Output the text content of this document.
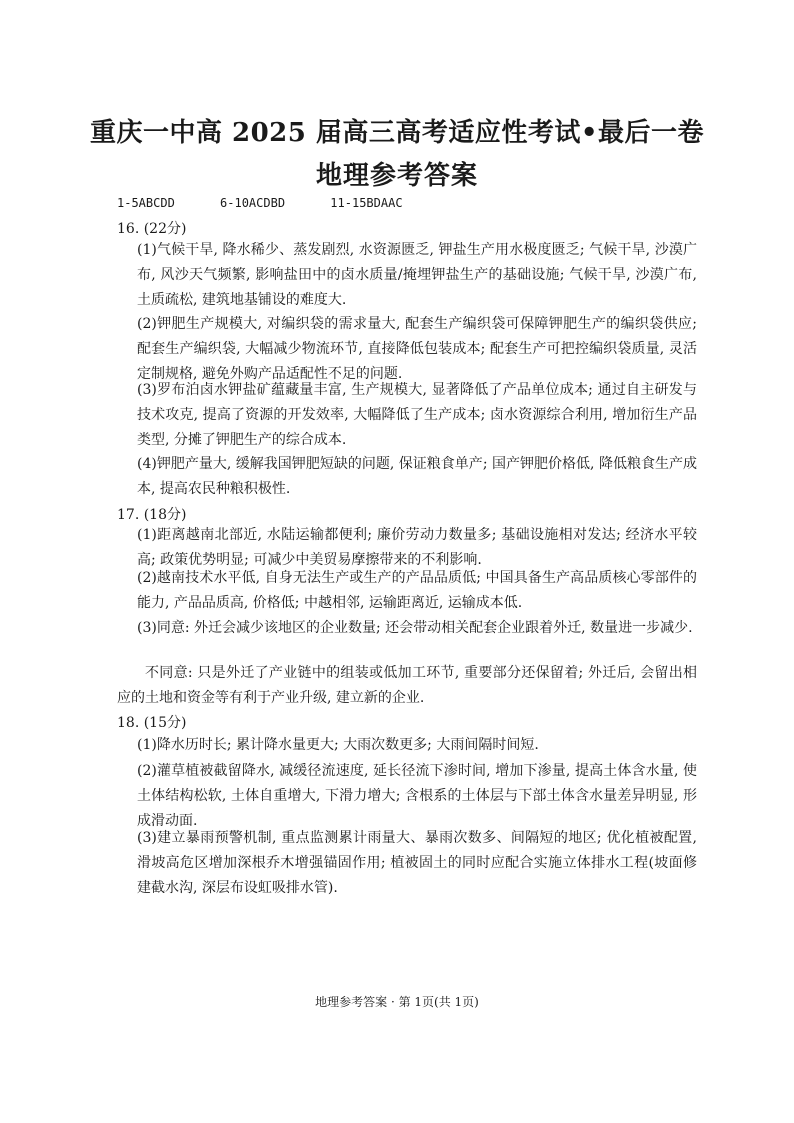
重庆一中高 2025 届高三高考适应性考试•最后一卷
地理参考答案
1-5ABCDD	6-10ACDBD	11-15BDAAC
16. (22分)
(1)气候干旱, 降水稀少、蒸发剧烈, 水资源匮乏, 钾盐生产用水极度匮乏; 气候干旱, 沙漠广布, 风沙天气频繁, 影响盐田中的卤水质量/掩埋钾盐生产的基础设施; 气候干旱, 沙漠广布, 土质疏松, 建筑地基铺设的难度大.
(2)钾肥生产规模大, 对编织袋的需求量大, 配套生产编织袋可保障钾肥生产的编织袋供应; 配套生产编织袋, 大幅减少物流环节, 直接降低包装成本; 配套生产可把控编织袋质量, 灵活定制规格, 避免外购产品适配性不足的问题.
(3)罗布泊卤水钾盐矿蕴藏量丰富, 生产规模大, 显著降低了产品单位成本; 通过自主研发与技术攻克, 提高了资源的开发效率, 大幅降低了生产成本; 卤水资源综合利用, 增加衍生产品类型, 分摊了钾肥生产的综合成本.
(4)钾肥产量大, 缓解我国钾肥短缺的问题, 保证粮食单产; 国产钾肥价格低, 降低粮食生产成本, 提高农民种粮积极性.
17. (18分)
(1)距离越南北部近, 水陆运输都便利; 廉价劳动力数量多; 基础设施相对发达; 经济水平较高; 政策优势明显; 可减少中美贸易摩擦带来的不利影响.
(2)越南技术水平低, 自身无法生产或生产的产品品质低; 中国具备生产高品质核心零部件的能力, 产品品质高, 价格低; 中越相邻, 运输距离近, 运输成本低.
(3)同意: 外迁会减少该地区的企业数量; 还会带动相关配套企业跟着外迁, 数量进一步减少.
不同意: 只是外迁了产业链中的组装或低加工环节, 重要部分还保留着; 外迁后, 会留出相应的土地和资金等有利于产业升级, 建立新的企业.
18. (15分)
(1)降水历时长; 累计降水量更大; 大雨次数更多; 大雨间隔时间短.
(2)灌草植被截留降水, 减缓径流速度, 延长径流下渗时间, 增加下渗量, 提高土体含水量, 使土体结构松软, 土体自重增大, 下滑力增大; 含根系的土体层与下部土体含水量差异明显, 形成滑动面.
(3)建立暴雨预警机制, 重点监测累计雨量大、暴雨次数多、间隔短的地区; 优化植被配置, 滑坡高危区增加深根乔木增强锚固作用; 植被固土的同时应配合实施立体排水工程(坡面修建截水沟, 深层布设虹吸排水管).
地理参考答案 · 第 1页(共 1页)
